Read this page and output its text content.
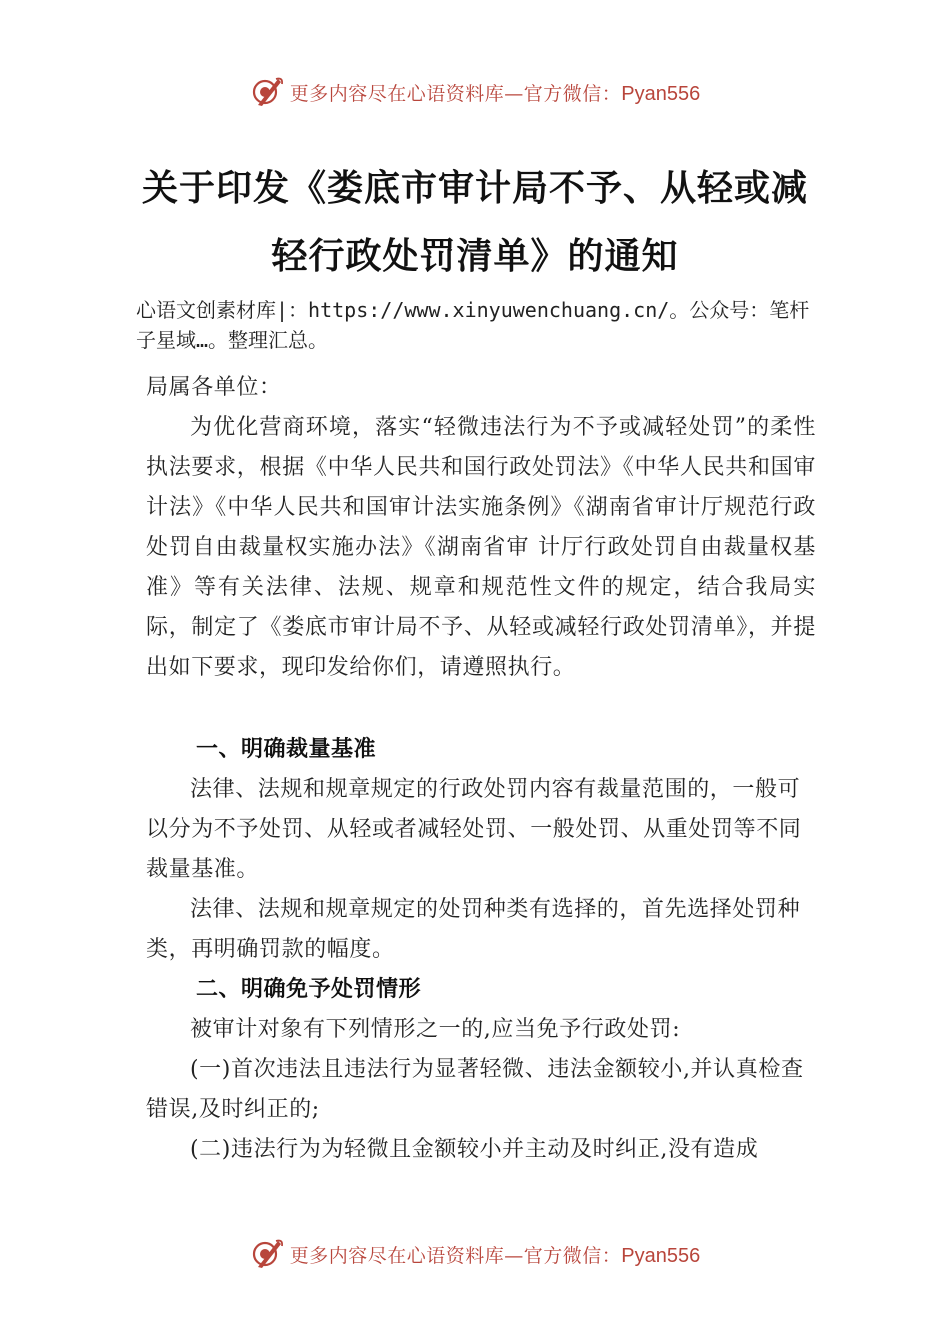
更多内容尽在心语资料库—官方微信：Pyan556
关于印发《娄底市审计局不予、从轻或减
轻行政处罚清单》的通知
心语文创素材库|：https://www.xinyuwenchuang.cn/。公众号：笔杆子星域…。整理汇总。
局属各单位：
为优化营商环境，落实“轻微违法行为不予或减轻处罚”的柔性执法要求，根据《中华人民共和国行政处罚法》《中华人民共和国审计法》《中华人民共和国审计法实施条例》《湖南省审计厅规范行政处罚自由裁量权实施办法》《湖南省审 计厅行政处罚自由裁量权基准》等有关法律、法规、规章和规范性文件的规定，结合我局实际，制定了《娄底市审计局不予、从轻或减轻行政处罚清单》，并提出如下要求，现印发给你们，请遵照执行。
一、明确裁量基准
法律、法规和规章规定的行政处罚内容有裁量范围的，一般可以分为不予处罚、从轻或者减轻处罚、一般处罚、从重处罚等不同裁量基准。
法律、法规和规章规定的处罚种类有选择的，首先选择处罚种类，再明确罚款的幅度。
二、明确免予处罚情形
被审计对象有下列情形之一的,应当免予行政处罚:
(一)首次违法且违法行为显著轻微、违法金额较小,并认真检查错误,及时纠正的;
(二)违法行为为轻微且金额较小并主动及时纠正,没有造成
更多内容尽在心语资料库—官方微信：Pyan556
